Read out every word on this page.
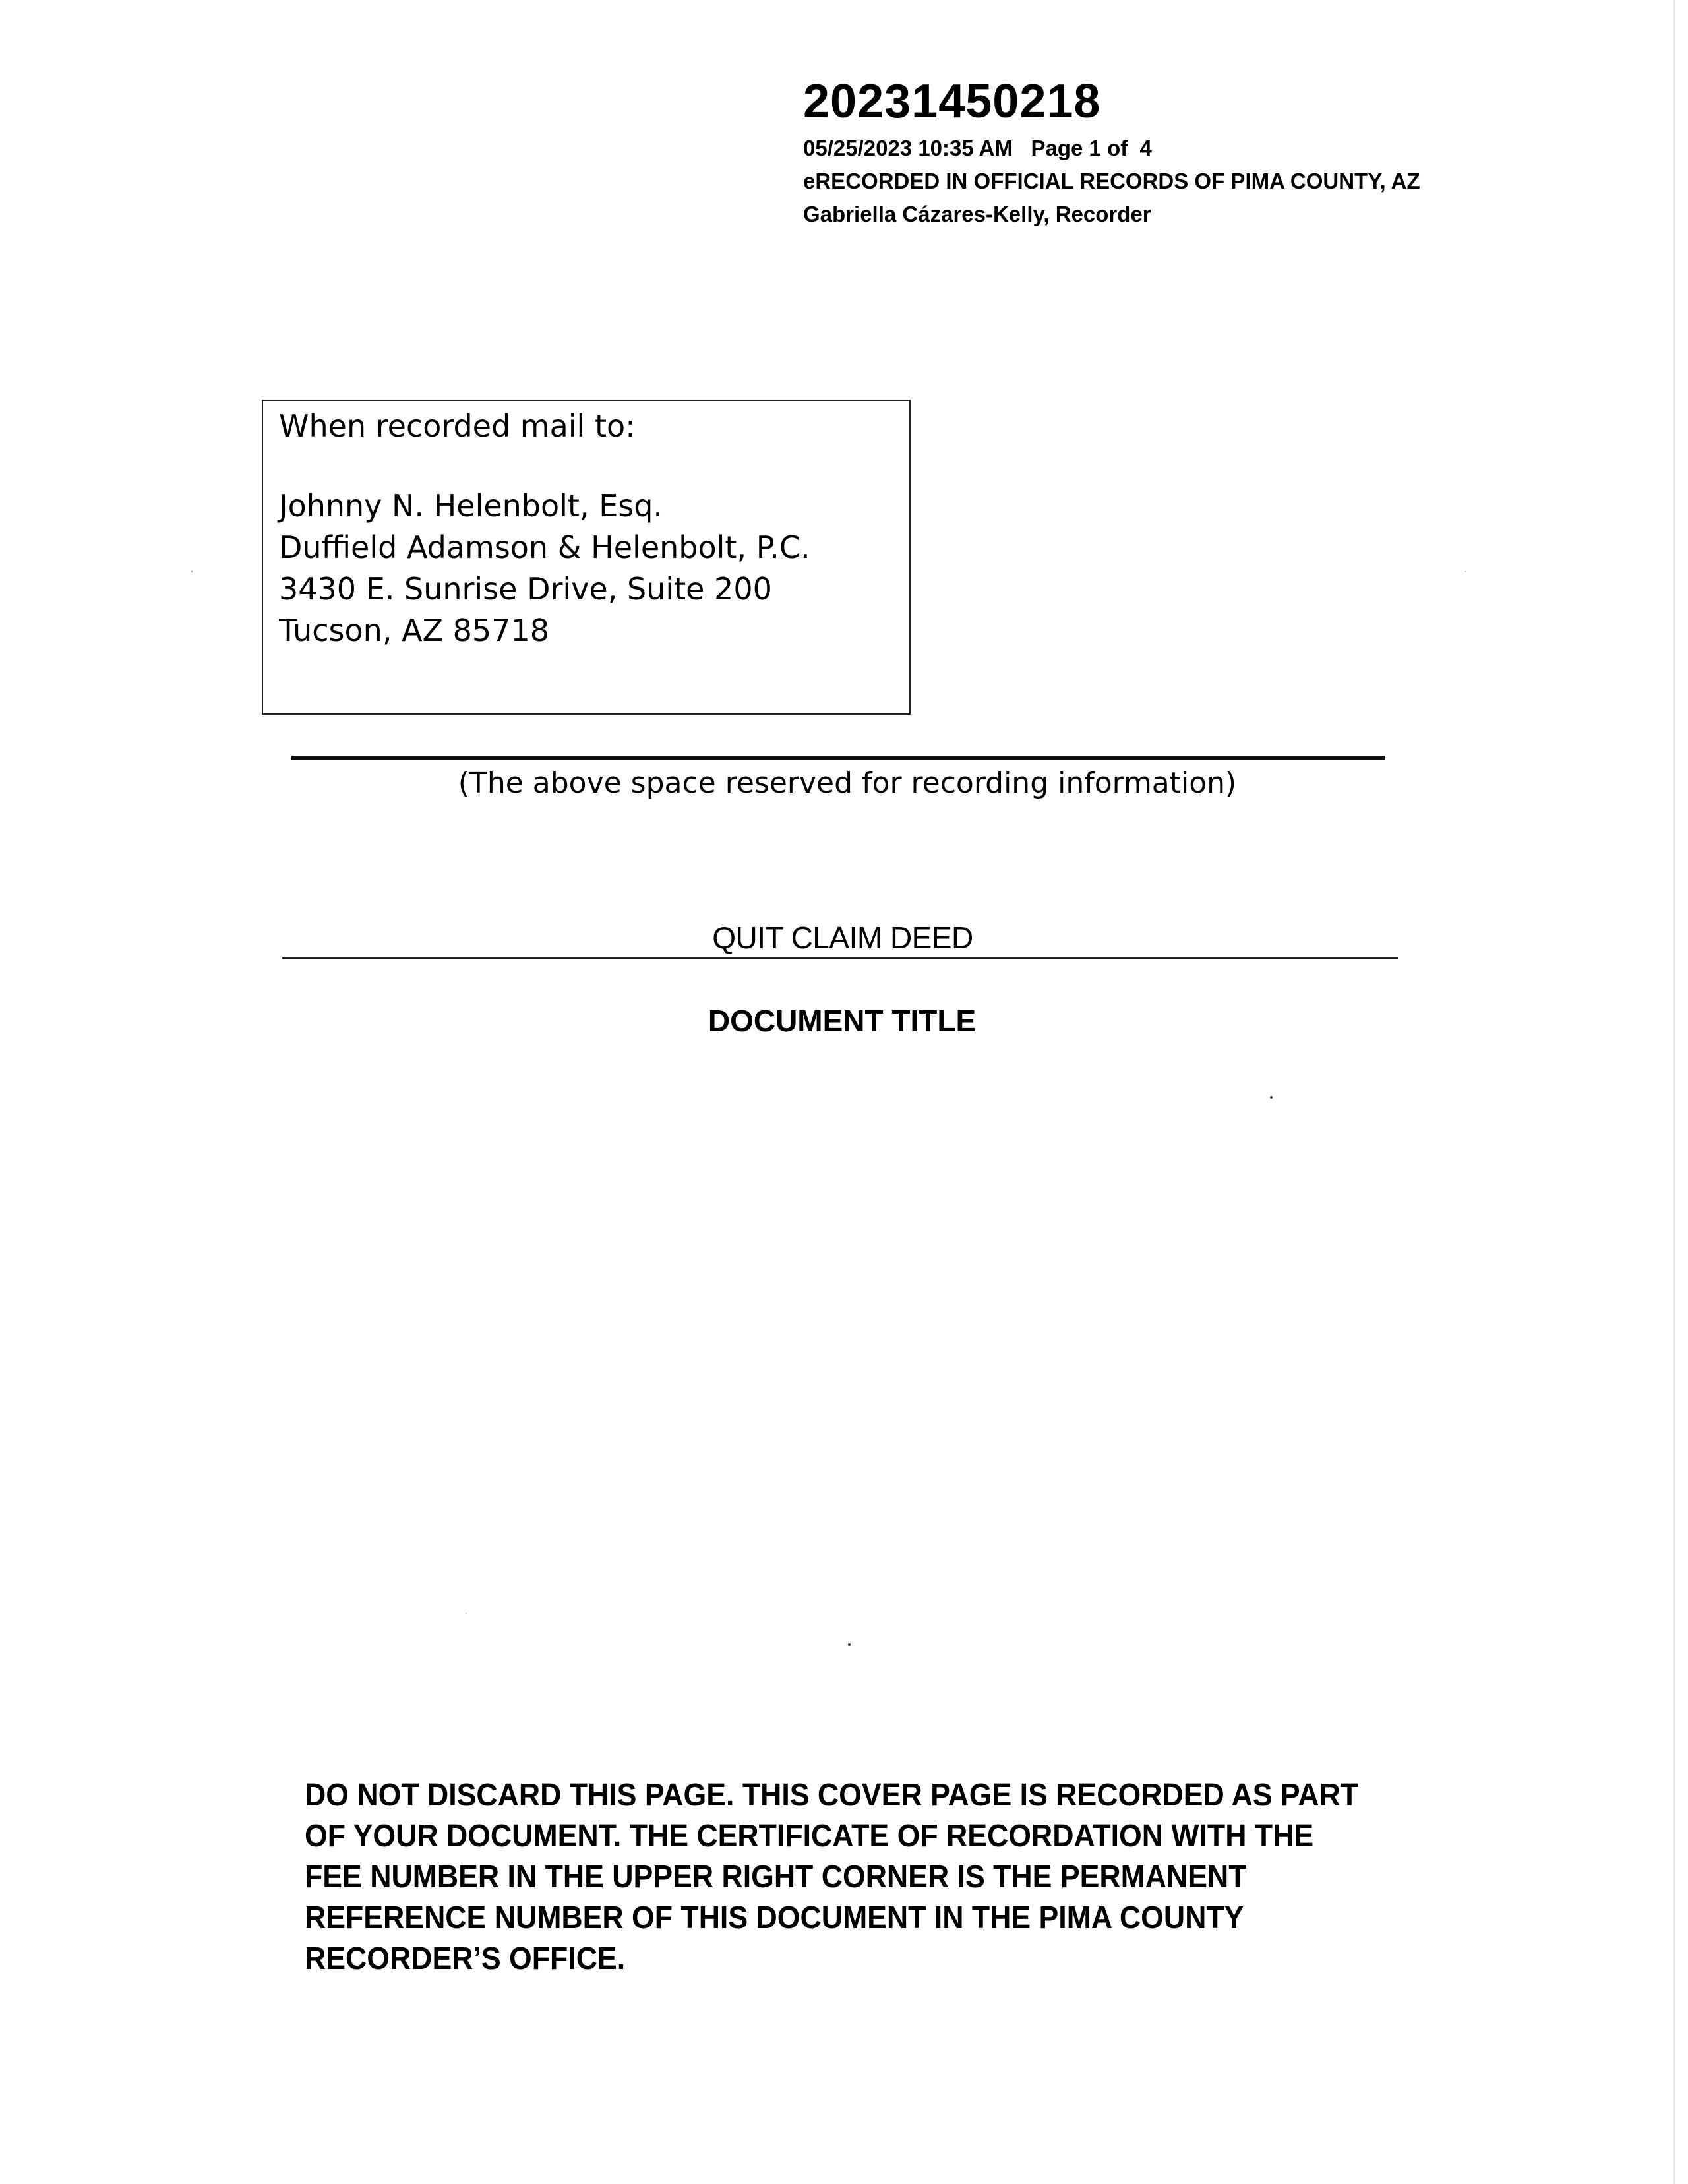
20231450218

05/25/2023 10:35 AM   Page 1 of  4

eRECORDED IN OFFICIAL RECORDS OF PIMA COUNTY, AZ

Gabriella Cázares-Kelly, Recorder

When recorded mail to:

Johnny N. Helenbolt, Esq.
Duffield Adamson & Helenbolt, P.C.
3430 E. Sunrise Drive, Suite 200
Tucson, AZ 85718

(The above space reserved for recording information)

QUIT CLAIM DEED

DOCUMENT TITLE

DO NOT DISCARD THIS PAGE. THIS COVER PAGE IS RECORDED AS PART
OF YOUR DOCUMENT. THE CERTIFICATE OF RECORDATION WITH THE
FEE NUMBER IN THE UPPER RIGHT CORNER IS THE PERMANENT
REFERENCE NUMBER OF THIS DOCUMENT IN THE PIMA COUNTY
RECORDER’S OFFICE.
